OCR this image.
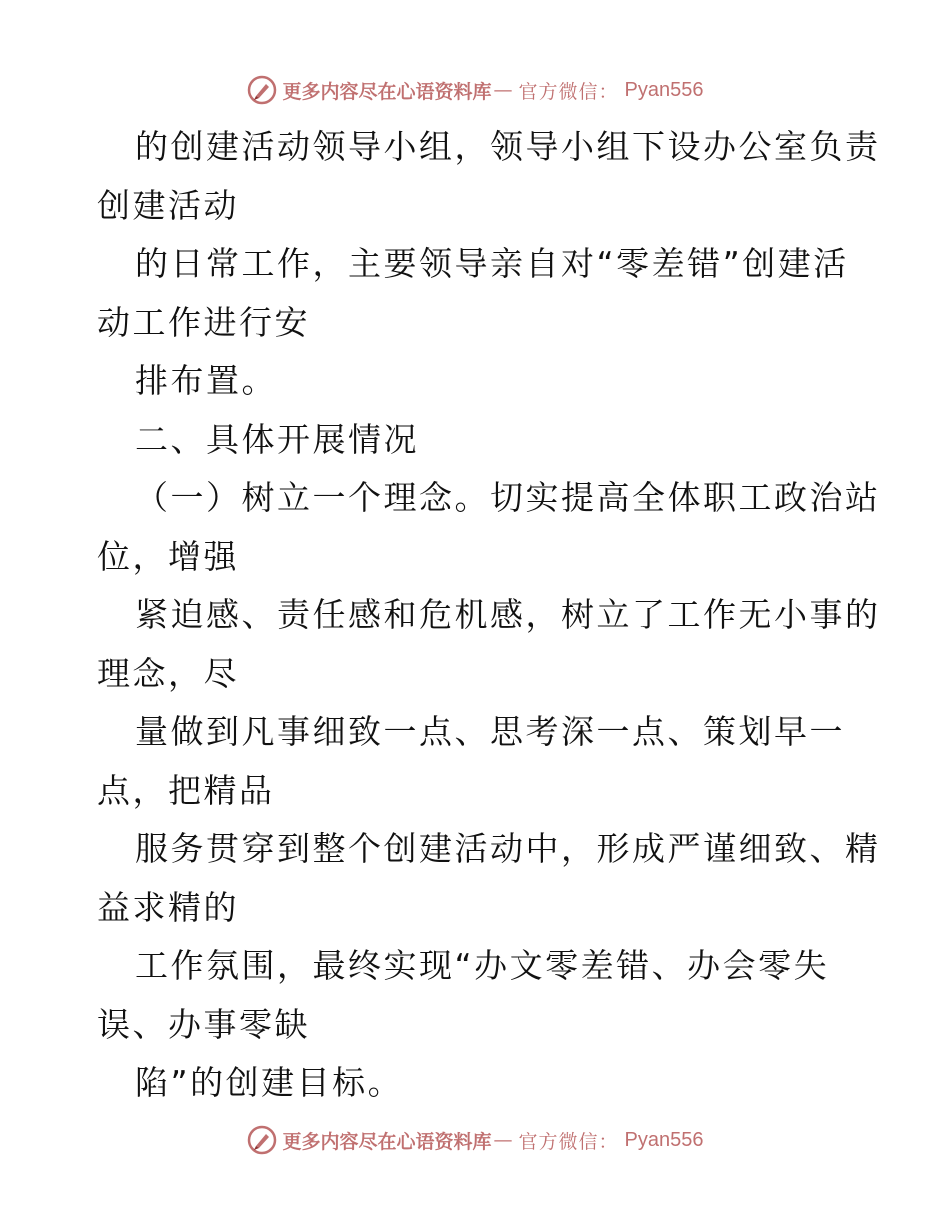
更多内容尽在心语资料库 — 官方微信： Pyan556
的创建活动领导小组，领导小组下设办公室负责
创建活动
的日常工作，主要领导亲自对“零差错”创建活
动工作进行安
排布置。
二、具体开展情况
（一）树立一个理念。切实提高全体职工政治站
位，增强
紧迫感、责任感和危机感，树立了工作无小事的
理念，尽
量做到凡事细致一点、思考深一点、策划早一
点，把精品
服务贯穿到整个创建活动中，形成严谨细致、精
益求精的
工作氛围，最终实现“办文零差错、办会零失
误、办事零缺
陷”的创建目标。
更多内容尽在心语资料库 — 官方微信： Pyan556
